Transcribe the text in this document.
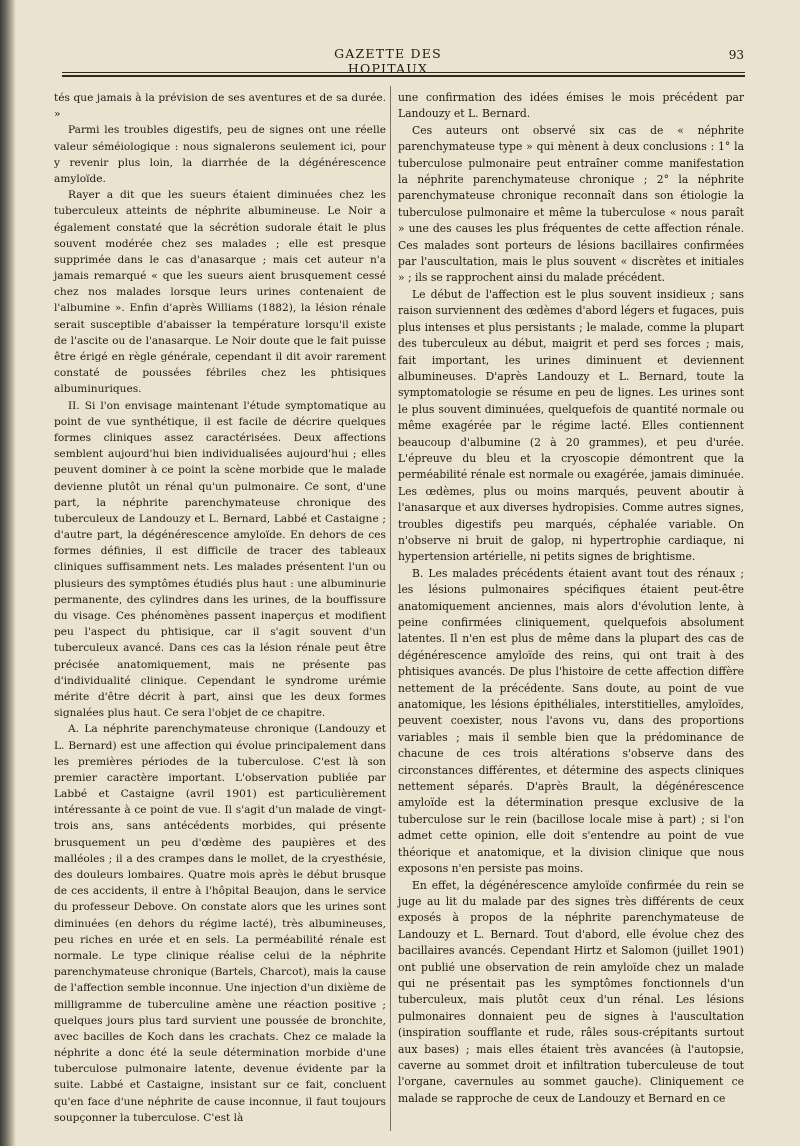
GAZETTE DES HOPITAUX
93

tés que jamais à la prévision de ses aventures et de sa durée. »

Parmi les troubles digestifs, peu de signes ont une réelle valeur séméiologique : nous signalerons seulement ici, pour y revenir plus loin, la diarrhée de la dégénérescence amyloïde.

Rayer a dit que les sueurs étaient diminuées chez les tuberculeux atteints de néphrite albumineuse. Le Noir a également constaté que la sécrétion sudorale était le plus souvent modérée chez ses malades ; elle est presque supprimée dans le cas d'anasarque ; mais cet auteur n'a jamais remarqué « que les sueurs aient brusquement cessé chez nos malades lorsque leurs urines contenaient de l'albumine ». Enfin d'après Williams (1882), la lésion rénale serait susceptible d'abaisser la température lorsqu'il existe de l'ascite ou de l'anasarque. Le Noir doute que le fait puisse être érigé en règle générale, cependant il dit avoir rarement constaté de poussées fébriles chez les phtisiques albuminuriques.

II. Si l'on envisage maintenant l'étude symptomatique au point de vue synthétique, il est facile de décrire quelques formes cliniques assez caractérisées. Deux affections semblent aujourd'hui bien individualisées aujourd'hui ; elles peuvent dominer à ce point la scène morbide que le malade devienne plutôt un rénal qu'un pulmonaire. Ce sont, d'une part, la néphrite parenchymateuse chronique des tuberculeux de Landouzy et L. Bernard, Labbé et Castaigne ; d'autre part, la dégénérescence amyloïde. En dehors de ces formes définies, il est difficile de tracer des tableaux cliniques suffisamment nets. Les malades présentent l'un ou plusieurs des symptômes étudiés plus haut : une albuminurie permanente, des cylindres dans les urines, de la bouffissure du visage. Ces phénomènes passent inaperçus et modifient peu l'aspect du phtisique, car il s'agit souvent d'un tuberculeux avancé. Dans ces cas la lésion rénale peut être précisée anatomiquement, mais ne présente pas d'individualité clinique. Cependant le syndrome urémie mérite d'être décrit à part, ainsi que les deux formes signalées plus haut. Ce sera l'objet de ce chapitre.

A. La néphrite parenchymateuse chronique (Landouzy et L. Bernard) est une affection qui évolue principalement dans les premières périodes de la tuberculose. C'est là son premier caractère important. L'observation publiée par Labbé et Castaigne (avril 1901) est particulièrement intéressante à ce point de vue. Il s'agit d'un malade de vingt-trois ans, sans antécédents morbides, qui présente brusquement un peu d'œdème des paupières et des malléoles ; il a des crampes dans le mollet, de la cryesthésie, des douleurs lombaires. Quatre mois après le début brusque de ces accidents, il entre à l'hôpital Beaujon, dans le service du professeur Debove. On constate alors que les urines sont diminuées (en dehors du régime lacté), très albumineuses, peu riches en urée et en sels. La perméabilité rénale est normale. Le type clinique réalise celui de la néphrite parenchymateuse chronique (Bartels, Charcot), mais la cause de l'affection semble inconnue. Une injection d'un dixième de milligramme de tuberculine amène une réaction positive ; quelques jours plus tard survient une poussée de bronchite, avec bacilles de Koch dans les crachats. Chez ce malade la néphrite a donc été la seule détermination morbide d'une tuberculose pulmonaire latente, devenue évidente par la suite. Labbé et Castaigne, insistant sur ce fait, concluent qu'en face d'une néphrite de cause inconnue, il faut toujours soupçonner la tuberculose. C'est là

une confirmation des idées émises le mois précédent par Landouzy et L. Bernard.

Ces auteurs ont observé six cas de « néphrite parenchymateuse type » qui mènent à deux conclusions : 1° la tuberculose pulmonaire peut entraîner comme manifestation la néphrite parenchymateuse chronique ; 2° la néphrite parenchymateuse chronique reconnaît dans son étiologie la tuberculose pulmonaire et même la tuberculose « nous paraît » une des causes les plus fréquentes de cette affection rénale. Ces malades sont porteurs de lésions bacillaires confirmées par l'auscultation, mais le plus souvent « discrètes et initiales » ; ils se rapprochent ainsi du malade précédent.

Le début de l'affection est le plus souvent insidieux ; sans raison surviennent des œdèmes d'abord légers et fugaces, puis plus intenses et plus persistants ; le malade, comme la plupart des tuberculeux au début, maigrit et perd ses forces ; mais, fait important, les urines diminuent et deviennent albumineuses. D'après Landouzy et L. Bernard, toute la symptomatologie se résume en peu de lignes. Les urines sont le plus souvent diminuées, quelquefois de quantité normale ou même exagérée par le régime lacté. Elles contiennent beaucoup d'albumine (2 à 20 grammes), et peu d'urée. L'épreuve du bleu et la cryoscopie démontrent que la perméabilité rénale est normale ou exagérée, jamais diminuée. Les œdèmes, plus ou moins marqués, peuvent aboutir à l'anasarque et aux diverses hydropisies. Comme autres signes, troubles digestifs peu marqués, céphalée variable. On n'observe ni bruit de galop, ni hypertrophie cardiaque, ni hypertension artérielle, ni petits signes de brightisme.

B. Les malades précédents étaient avant tout des rénaux ; les lésions pulmonaires spécifiques étaient peut-être anatomiquement anciennes, mais alors d'évolution lente, à peine confirmées cliniquement, quelquefois absolument latentes. Il n'en est plus de même dans la plupart des cas de dégénérescence amyloïde des reins, qui ont trait à des phtisiques avancés. De plus l'histoire de cette affection diffère nettement de la précédente. Sans doute, au point de vue anatomique, les lésions épithéliales, interstitielles, amyloïdes, peuvent coexister, nous l'avons vu, dans des proportions variables ; mais il semble bien que la prédominance de chacune de ces trois altérations s'observe dans des circonstances différentes, et détermine des aspects cliniques nettement séparés. D'après Brault, la dégénérescence amyloïde est la détermination presque exclusive de la tuberculose sur le rein (bacillose locale mise à part) ; si l'on admet cette opinion, elle doit s'entendre au point de vue théorique et anatomique, et la division clinique que nous exposons n'en persiste pas moins.

En effet, la dégénérescence amyloïde confirmée du rein se juge au lit du malade par des signes très différents de ceux exposés à propos de la néphrite parenchymateuse de Landouzy et L. Bernard. Tout d'abord, elle évolue chez des bacillaires avancés. Cependant Hirtz et Salomon (juillet 1901) ont publié une observation de rein amyloïde chez un malade qui ne présentait pas les symptômes fonctionnels d'un tuberculeux, mais plutôt ceux d'un rénal. Les lésions pulmonaires donnaient peu de signes à l'auscultation (inspiration soufflante et rude, râles sous-crépitants surtout aux bases) ; mais elles étaient très avancées (à l'autopsie, caverne au sommet droit et infiltration tuberculeuse de tout l'organe, cavernules au sommet gauche). Cliniquement ce malade se rapproche de ceux de Landouzy et Bernard en ce
